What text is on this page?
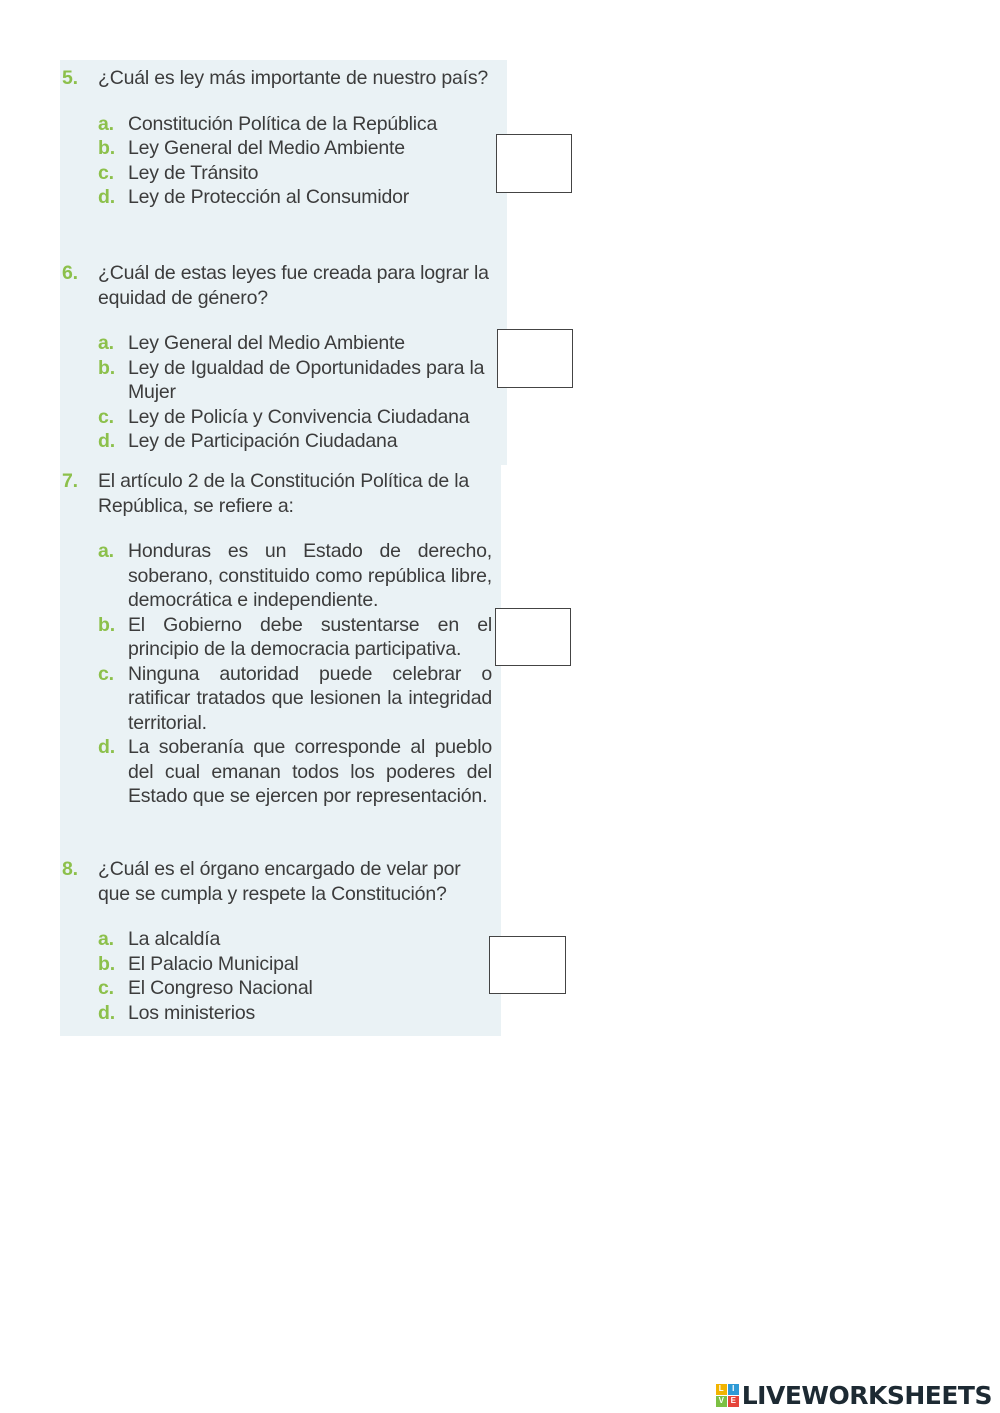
5.	¿Cuál es ley más importante de nuestro país?
a. Constitución Política de la República
b. Ley General del Medio Ambiente
c. Ley de Tránsito
d. Ley de Protección al Consumidor
6.	¿Cuál de estas leyes fue creada para lograr la equidad de género?
a. Ley General del Medio Ambiente
b. Ley de Igualdad de Oportunidades para la Mujer
c. Ley de Policía y Convivencia Ciudadana
d. Ley de Participación Ciudadana
7.	El artículo 2 de la Constitución Política de la República, se refiere a:
a. Honduras es un Estado de derecho, soberano, constituido como república libre, democrática e independiente.
b. El Gobierno debe sustentarse en el principio de la democracia participativa.
c. Ninguna autoridad puede celebrar o ratificar tratados que lesionen la integridad territorial.
d. La soberanía que corresponde al pueblo del cual emanan todos los poderes del Estado que se ejercen por representación.
8.	¿Cuál es el órgano encargado de velar por que se cumpla y respete la Constitución?
a. La alcaldía
b. El Palacio Municipal
c. El Congreso Nacional
d. Los ministerios
L	I
V E LIVEWORKSHEETS
